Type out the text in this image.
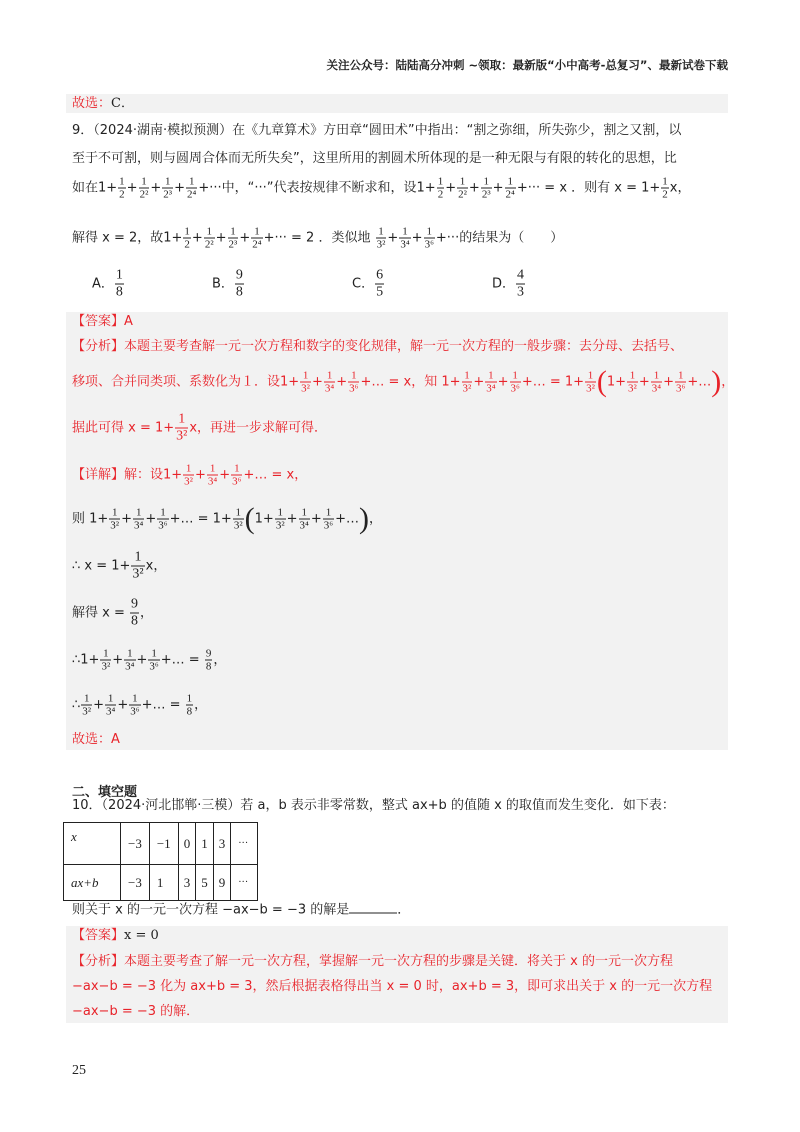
关注公众号：陆陆高分冲刺 ~领取：最新版“小中高考-总复习”、最新试卷下载
故选：C．
9．（2024·湖南·模拟预测）在《九章算术》方田章“圆田术”中指出：“割之弥细，所失弥少，割之又割，以
至于不可割，则与圆周合体而无所失矣”，这里所用的割圆术所体现的是一种无限与有限的转化的思想，比
如在$1+ \frac{1}{2} + \frac{1}{\text{2²}} + \frac{1}{\text{2³}} + \frac{1}{\text{2⁴}}$ +···中，“···”代表按规律不断求和，设$1+ \frac{1}{2} + \frac{1}{\text{2²}} + \frac{1}{\text{2³}} + \frac{1}{\text{2⁴}}$ +··· = x ．则有 $x = 1+ \frac{1}{2}$ x，
解得 x = 2，故$1+ \frac{1}{2} + \frac{1}{\text{2²}} + \frac{1}{\text{2³}} + \frac{1}{\text{2⁴}}$ +··· = 2 ．类似地 $\frac{1}{\text{3²}} + \frac{1}{\text{3⁴}} + \frac{1}{\text{3⁶}}$ +···的结果为（　　）
A． $\frac{1}{8}$	B． $\frac{9}{8}$	C． $\frac{6}{5}$	D． $\frac{4}{3}$
【答案】A
【分析】本题主要考查解一元一次方程和数字的变化规律，解一元一次方程的一般步骤：去分母、去括号、
移项、合并同类项、系数化为１．设$1+ \frac{1}{\text{3²}} + \frac{1}{\text{3⁴}} + \frac{1}{\text{3⁶}}$ +… = x，知 $1+ \frac{1}{\text{3²}} + \frac{1}{\text{3⁴}} + \frac{1}{\text{3⁶}}$ +… = $1+ \frac{1}{\text{3²}} (1+ \frac{1}{\text{3²}} + \frac{1}{\text{3⁴}} + \frac{1}{\text{3⁶}}$ +…)，
据此可得 $x = 1+ \frac{1}{\text{3²}}$ x，再进一步求解可得．
【详解】解：设$1+ \frac{1}{\text{3²}} + \frac{1}{\text{3⁴}} + \frac{1}{\text{3⁶}}$ +… = x，
则 $1+ \frac{1}{\text{3²}} + \frac{1}{\text{3⁴}} + \frac{1}{\text{3⁶}}$ +… = $1+ \frac{1}{\text{3²}} (1+ \frac{1}{\text{3²}} + \frac{1}{\text{3⁴}} + \frac{1}{\text{3⁶}}$ +…)，
∴ $x = 1+ \frac{1}{\text{3²}}$ x，
解得 $x = \frac{9}{8}$ ，
∴1+ $\frac{1}{\text{3²}} + \frac{1}{\text{3⁴}} + \frac{1}{\text{3⁶}}$ +… = $\frac{9}{8}$ ，
∴ $\frac{1}{\text{3²}} + \frac{1}{\text{3⁴}} + \frac{1}{\text{3⁶}}$ +… = $\frac{1}{8}$ ，
故选：A
二、填空题
10．（2024·河北邯郸·三模）若 a，b 表示非零常数，整式 ax+b 的值随 x 的取值而发生变化．如下表：
x	−3	−1	0	1	3	···
ax+b	−3	1	3	5	9	···
则关于 x 的一元一次方程 −ax−b = −3 的解是	．
【答案】x = 0
【分析】本题主要考查了解一元一次方程，掌握解一元一次方程的步骤是关键．将关于 x 的一元一次方程
−ax−b = −3 化为 ax+b = 3，然后根据表格得出当 x = 0 时，ax+b = 3，即可求出关于 x 的一元一次方程
−ax−b = −3 的解．
25
